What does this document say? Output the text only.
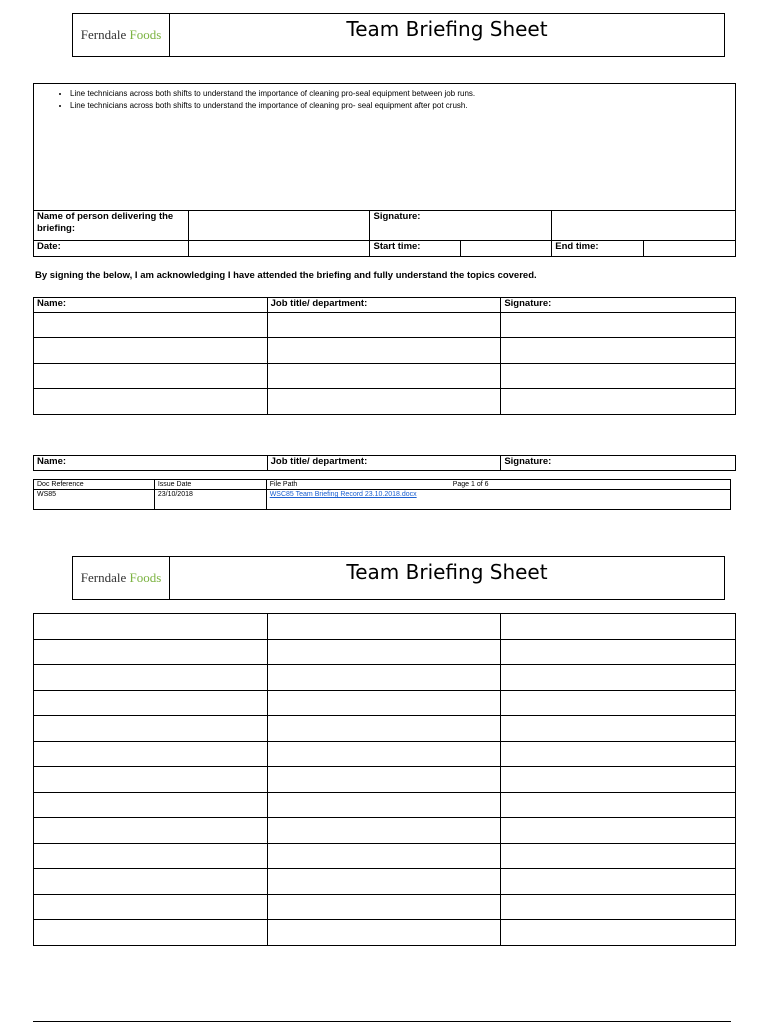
Ferndale Foods	Team Briefing Sheet
• Line technicians across both shifts to understand the importance of cleaning pro-seal equipment between job runs.
• Line technicians across both shifts to understand the importance of cleaning pro- seal equipment after pot crush.
Name of person delivering the briefing:		Signature:			
Date:		Start time:		End time:	
By signing the below, I am acknowledging I have attended the briefing and fully understand the topics covered.
Name:	Job title/ department:	Signature:

Name:	Job title/ department:	Signature:
Doc Reference	Issue Date	File Path Page 1 of 6

WS85	23/10/2018	WSC85 Team Briefing Record 23.10.2018.docx
Ferndale Foods	Team Briefing Sheet
